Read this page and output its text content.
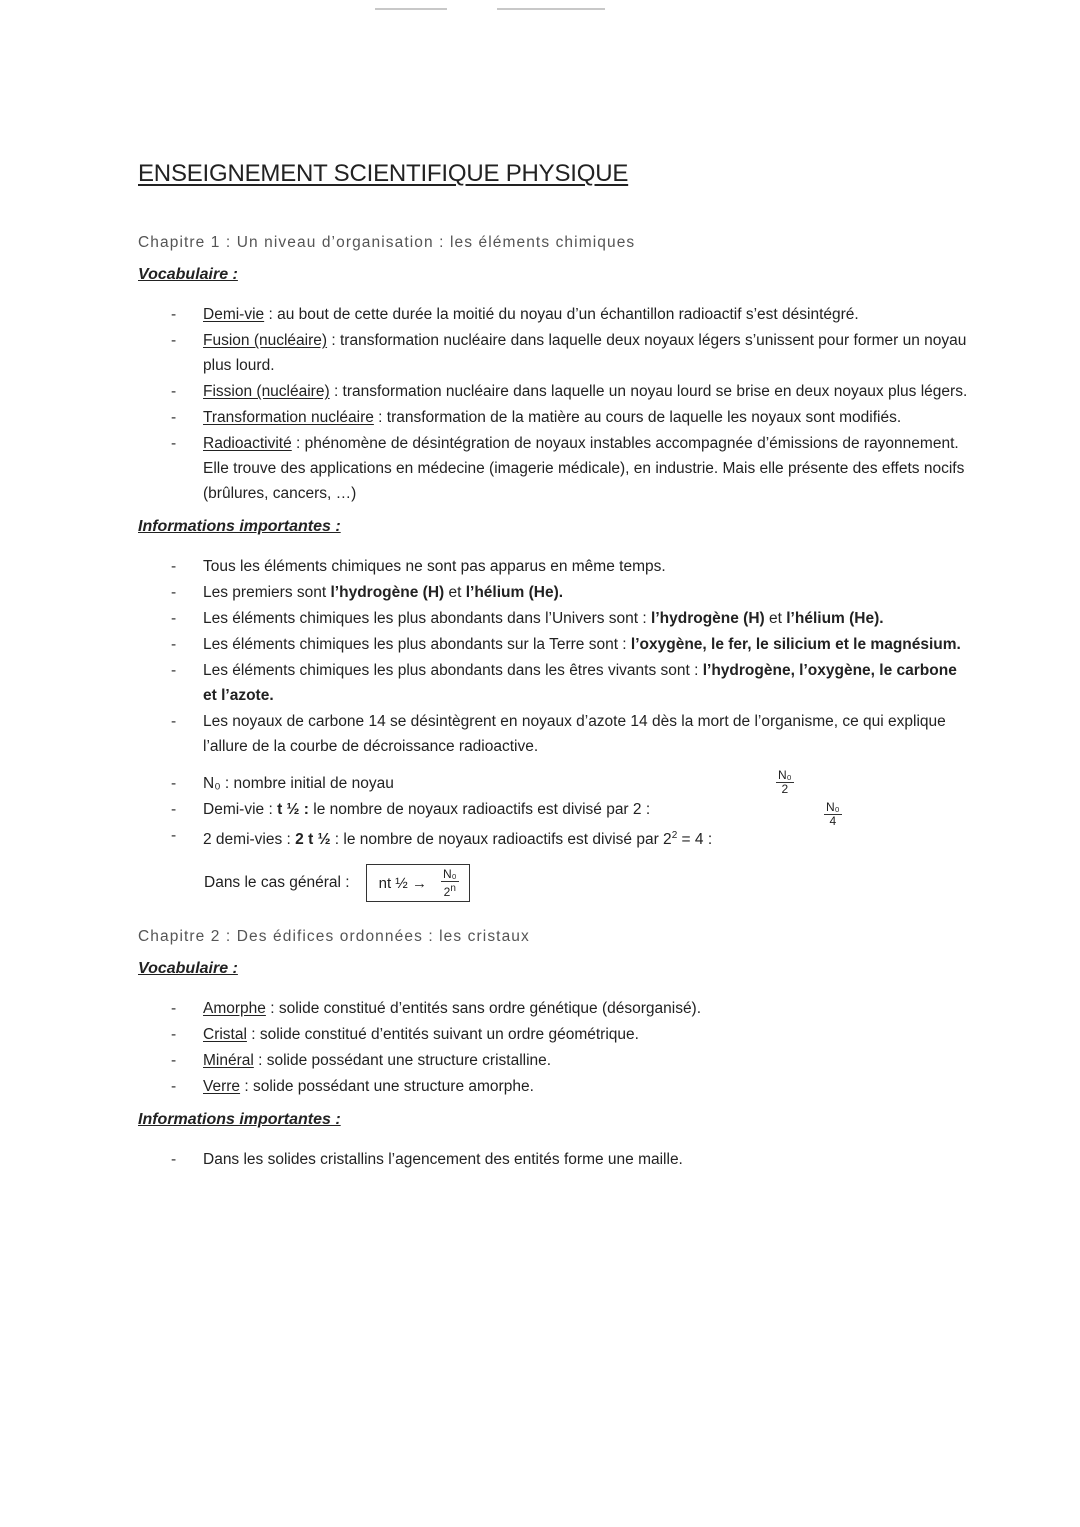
ENSEIGNEMENT SCIENTIFIQUE PHYSIQUE
Chapitre 1 : Un niveau d’organisation : les éléments chimiques
Vocabulaire :
- Demi-vie : au bout de cette durée la moitié du noyau d’un échantillon radioactif s’est désintégré.
- Fusion (nucléaire) : transformation nucléaire dans laquelle deux noyaux légers s’unissent pour former un noyau plus lourd.
- Fission (nucléaire) : transformation nucléaire dans laquelle un noyau lourd se brise en deux noyaux plus légers.
- Transformation nucléaire : transformation de la matière au cours de laquelle les noyaux sont modifiés.
- Radioactivité : phénomène de désintégration de noyaux instables accompagnée d’émissions de rayonnement. Elle trouve des applications en médecine (imagerie médicale), en industrie. Mais elle présente des effets nocifs (brûlures, cancers, …)
Informations importantes :
- Tous les éléments chimiques ne sont pas apparus en même temps.
- Les premiers sont l’hydrogène (H) et l’hélium (He).
- Les éléments chimiques les plus abondants dans l’Univers sont : l’hydrogène (H) et l’hélium (He).
- Les éléments chimiques les plus abondants sur la Terre sont : l’oxygène, le fer, le silicium et le magnésium.
- Les éléments chimiques les plus abondants dans les êtres vivants sont : l’hydrogène, l’oxygène, le carbone et l’azote.
- Les noyaux de carbone 14 se désintègrent en noyaux d’azote 14 dès la mort de l’organisme, ce qui explique l’allure de la courbe de décroissance radioactive.
- N₀ : nombre initial de noyau
- Demi-vie : t ½ : le nombre de noyaux radioactifs est divisé par 2 :
- 2 demi-vies : 2 t ½ : le nombre de noyaux radioactifs est divisé par $2^2 = 4$ :
$\frac{\text{N₀}}{2}$
$\frac{\text{N₀}}{4}$
Dans le cas général : nt ½ → $\frac{\text{N₀}}{2^n}$
Chapitre 2 : Des édifices ordonnées : les cristaux
Vocabulaire :
- Amorphe : solide constitué d’entités sans ordre génétique (désorganisé).
- Cristal : solide constitué d’entités suivant un ordre géométrique.
- Minéral : solide possédant une structure cristalline.
- Verre : solide possédant une structure amorphe.
Informations importantes :
- Dans les solides cristallins l’agencement des entités forme une maille.
